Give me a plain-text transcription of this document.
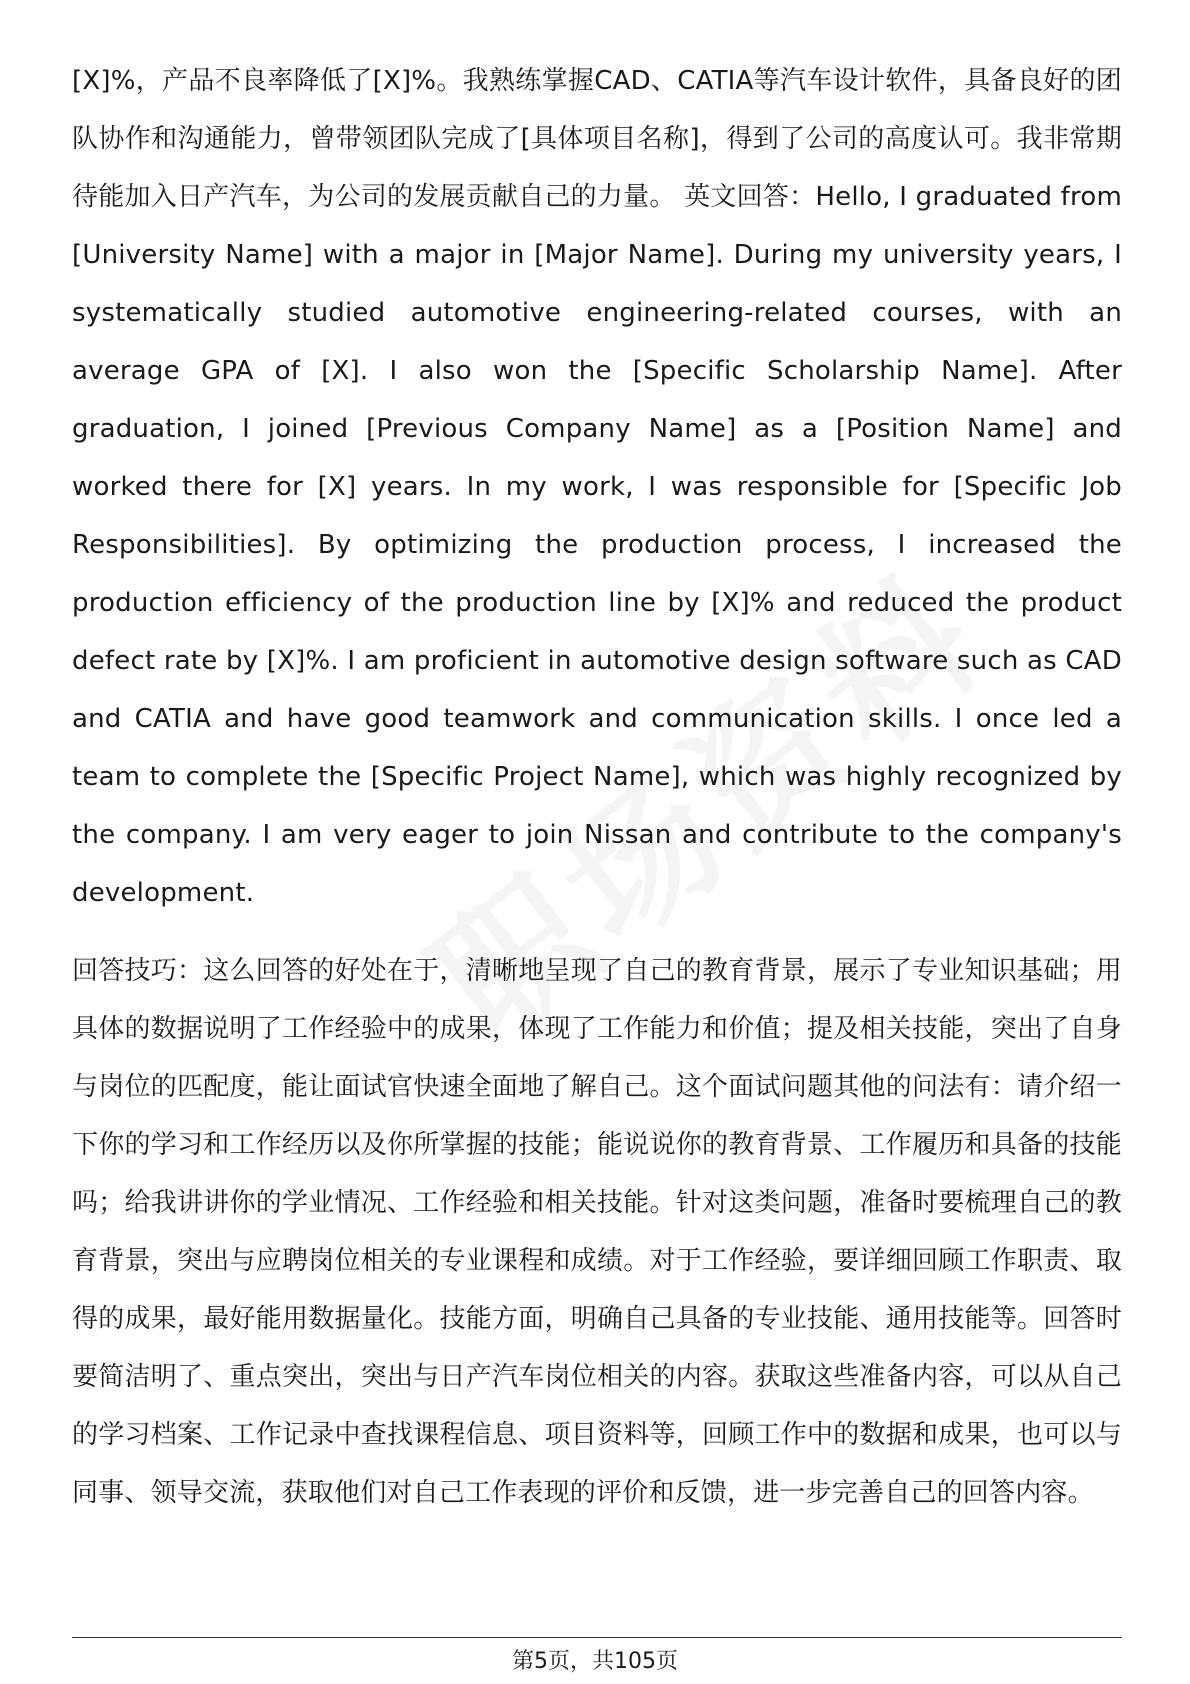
[X]%，产品不良率降低了[X]%。我熟练掌握CAD、CATIA等汽车设计软件，具备良好的团队协作和沟通能力，曾带领团队完成了[具体项目名称]，得到了公司的高度认可。我非常期待能加入日产汽车，为公司的发展贡献自己的力量。 英文回答：Hello, I graduated from [University Name] with a major in [Major Name]. During my university years, I systematically studied automotive engineering-related courses, with an average GPA of [X]. I also won the [Specific Scholarship Name]. After graduation, I joined [Previous Company Name] as a [Position Name] and worked there for [X] years. In my work, I was responsible for [Specific Job Responsibilities]. By optimizing the production process, I increased the production efficiency of the production line by [X]% and reduced the product defect rate by [X]%. I am proficient in automotive design software such as CAD and CATIA and have good teamwork and communication skills. I once led a team to complete the [Specific Project Name], which was highly recognized by the company. I am very eager to join Nissan and contribute to the company's development.

回答技巧：这么回答的好处在于，清晰地呈现了自己的教育背景，展示了专业知识基础；用具体的数据说明了工作经验中的成果，体现了工作能力和价值；提及相关技能，突出了自身与岗位的匹配度，能让面试官快速全面地了解自己。这个面试问题其他的问法有：请介绍一下你的学习和工作经历以及你所掌握的技能；能说说你的教育背景、工作履历和具备的技能吗；给我讲讲你的学业情况、工作经验和相关技能。针对这类问题，准备时要梳理自己的教育背景，突出与应聘岗位相关的专业课程和成绩。对于工作经验，要详细回顾工作职责、取得的成果，最好能用数据量化。技能方面，明确自己具备的专业技能、通用技能等。回答时要简洁明了、重点突出，突出与日产汽车岗位相关的内容。获取这些准备内容，可以从自己的学习档案、工作记录中查找课程信息、项目资料等，回顾工作中的数据和成果，也可以与同事、领导交流，获取他们对自己工作表现的评价和反馈，进一步完善自己的回答内容。

第5页，共105页
